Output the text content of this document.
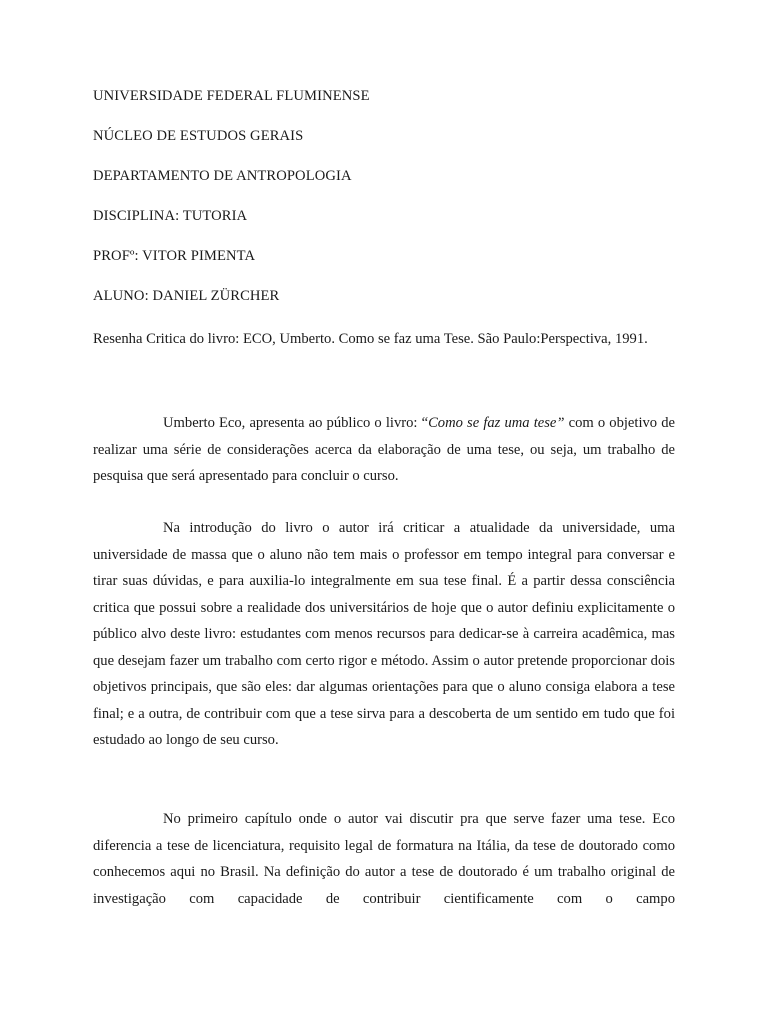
UNIVERSIDADE FEDERAL FLUMINENSE
NÚCLEO DE ESTUDOS GERAIS
DEPARTAMENTO DE ANTROPOLOGIA
DISCIPLINA: TUTORIA
PROFº: VITOR PIMENTA
ALUNO: DANIEL ZÜRCHER
Resenha Critica do livro: ECO, Umberto. Como se faz uma Tese. São Paulo:Perspectiva, 1991.

Umberto Eco, apresenta ao público o livro: “Como se faz uma tese” com o objetivo de realizar uma série de considerações acerca da elaboração de uma tese, ou seja, um trabalho de pesquisa que será apresentado para concluir o curso.

Na introdução do livro o autor irá criticar a atualidade da universidade, uma universidade de massa que o aluno não tem mais o professor em tempo integral para conversar e tirar suas dúvidas, e para auxilia-lo integralmente em sua tese final. É a partir dessa consciência critica que possui sobre a realidade dos universitários de hoje que o autor definiu explicitamente o público alvo deste livro: estudantes com menos recursos para dedicar-se à carreira acadêmica, mas que desejam fazer um trabalho com certo rigor e método. Assim o autor pretende proporcionar dois objetivos principais, que são eles: dar algumas orientações para que o aluno consiga elabora a tese final; e a outra, de contribuir com que a tese sirva para a descoberta de um sentido em tudo que foi estudado ao longo de seu curso.

No primeiro capítulo onde o autor vai discutir pra que serve fazer uma tese. Eco diferencia a tese de licenciatura, requisito legal de formatura na Itália, da tese de doutorado como conhecemos aqui no Brasil. Na definição do autor a tese de doutorado é um trabalho original de investigação com capacidade de contribuir cientificamente com o campo
